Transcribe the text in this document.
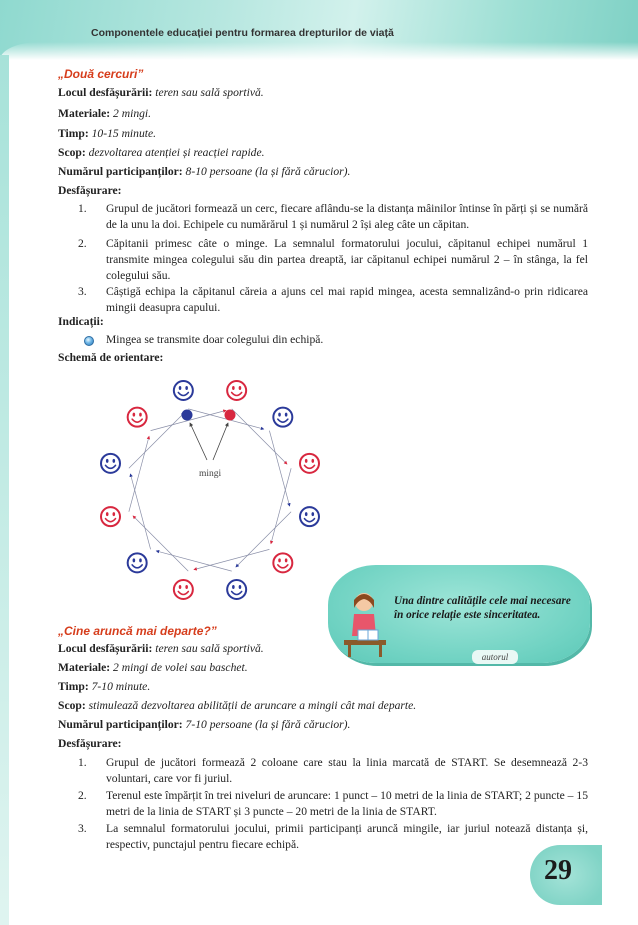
Componentele educației pentru formarea drepturilor de viață
„Două cercuri”
Locul desfășurării: teren sau sală sportivă.
Materiale: 2 mingi.
Timp: 10-15 minute.
Scop: dezvoltarea atenției și reacției rapide.
Numărul participanților: 8-10 persoane (la și fără cărucior).
Desfășurare:
1. Grupul de jucători formează un cerc, fiecare aflându-se la distanța mâinilor întinse în părți și se numără de la unu la doi. Echipele cu numărărul 1 și numărul 2 își aleg câte un căpitan.
2. Căpitanii primesc câte o minge. La semnalul formatorului jocului, căpitanul echipei numărul 1 transmite mingea colegului său din partea dreaptă, iar căpitanul echipei numărul 2 – în stânga, la fel colegului său.
3. Câștigă echipa la căpitanul căreia a ajuns cel mai rapid mingea, acesta semnalizând-o prin ridicarea mingii deasupra capului.
Indicații:
Mingea se transmite doar colegului din echipă.
Schemă de orientare:
mingi
Una dintre calitățile cele mai necesare în orice relație este sinceritatea.
autorul
„Cine aruncă mai departe?”
Locul desfășurării: teren sau sală sportivă.
Materiale: 2 mingi de volei sau baschet.
Timp: 7-10 minute.
Scop: stimulează dezvoltarea abilității de aruncare a mingii cât mai departe.
Numărul participanților: 7-10 persoane (la și fără cărucior).
Desfășurare:
1. Grupul de jucători formează 2 coloane care stau la linia marcată de START. Se desemnează 2-3 voluntari, care vor fi juriul.
2. Terenul este împărțit în trei niveluri de aruncare: 1 punct – 10 metri de la linia de START; 2 puncte – 15 metri de la linia de START și 3 puncte – 20 metri de la linia de START.
3. La semnalul formatorului jocului, primii participanți aruncă mingile, iar juriul notează distanța și, respectiv, punctajul pentru fiecare echipă.
29
